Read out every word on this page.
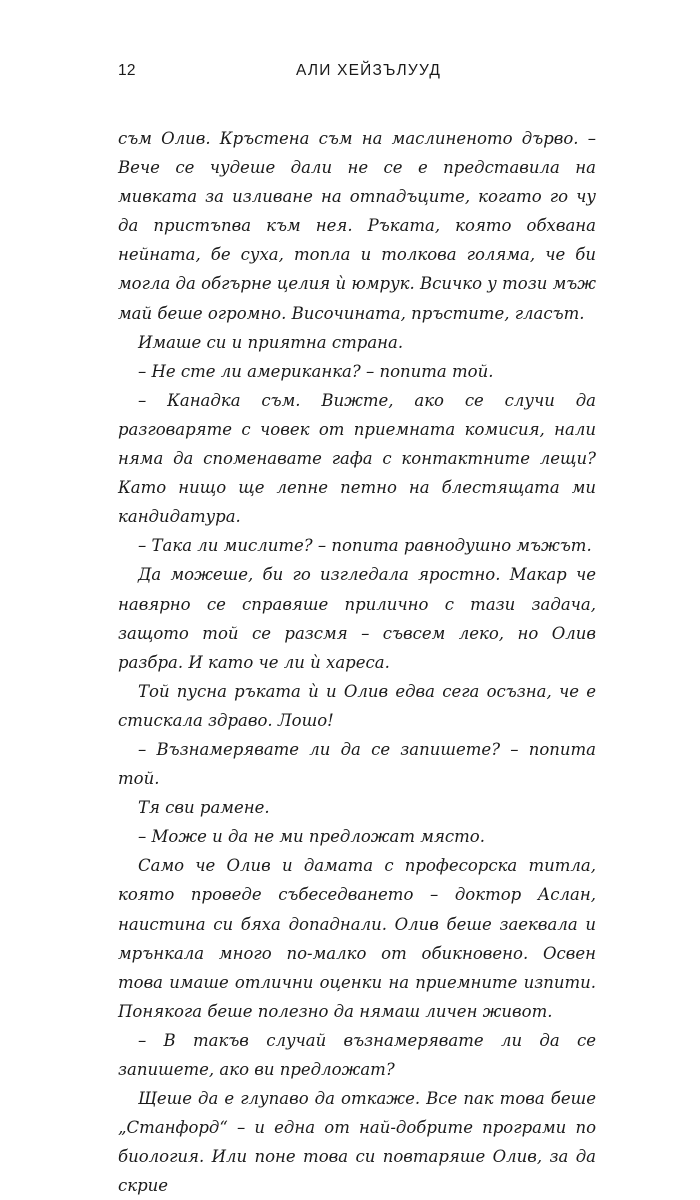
12	АЛИ ХЕЙЗЪЛУУД

съм Олив. Кръстена съм на маслиненото дърво. – Вече се чудеше дали не се е представила на мивката за изливане на отпадъците, когато го чу да пристъпва към нея. Ръката, която обхвана нейната, бе суха, топла и толкова голяма, че би могла да обгърне целия ѝ юмрук. Всичко у този мъж май беше огромно. Височината, пръстите, гласът.

Имаше си и приятна страна.

– Не сте ли американка? – попита той.

– Канадка съм. Вижте, ако се случи да разговаряте с човек от приемната комисия, нали няма да споменавате гафа с контактните лещи? Като нищо ще лепне петно на блестящата ми кандидатура.

– Така ли мислите? – попита равнодушно мъжът.

Да можеше, би го изгледала яростно. Макар че навярно се справяше прилично с тази задача, защото той се разсмя – съвсем леко, но Олив разбра. И като че ли ѝ хареса.

Той пусна ръката ѝ и Олив едва сега осъзна, че е стискала здраво. Лошо!

– Възнамерявате ли да се запишете? – попита той.

Тя сви рамене.

– Може и да не ми предложат място.

Само че Олив и дамата с професорска титла, която проведе събеседването – доктор Аслан, наистина си бяха допаднали. Олив беше заеквала и мрънкала много по-малко от обикновено. Освен това имаше отлични оценки на приемните изпити. Понякога беше полезно да нямаш личен живот.

– В такъв случай възнамерявате ли да се запишете, ако ви предложат?

Щеше да е глупаво да откаже. Все пак това беше „Станфорд“ – и една от най-добрите програми по биология. Или поне това си повтаряше Олив, за да скрие
